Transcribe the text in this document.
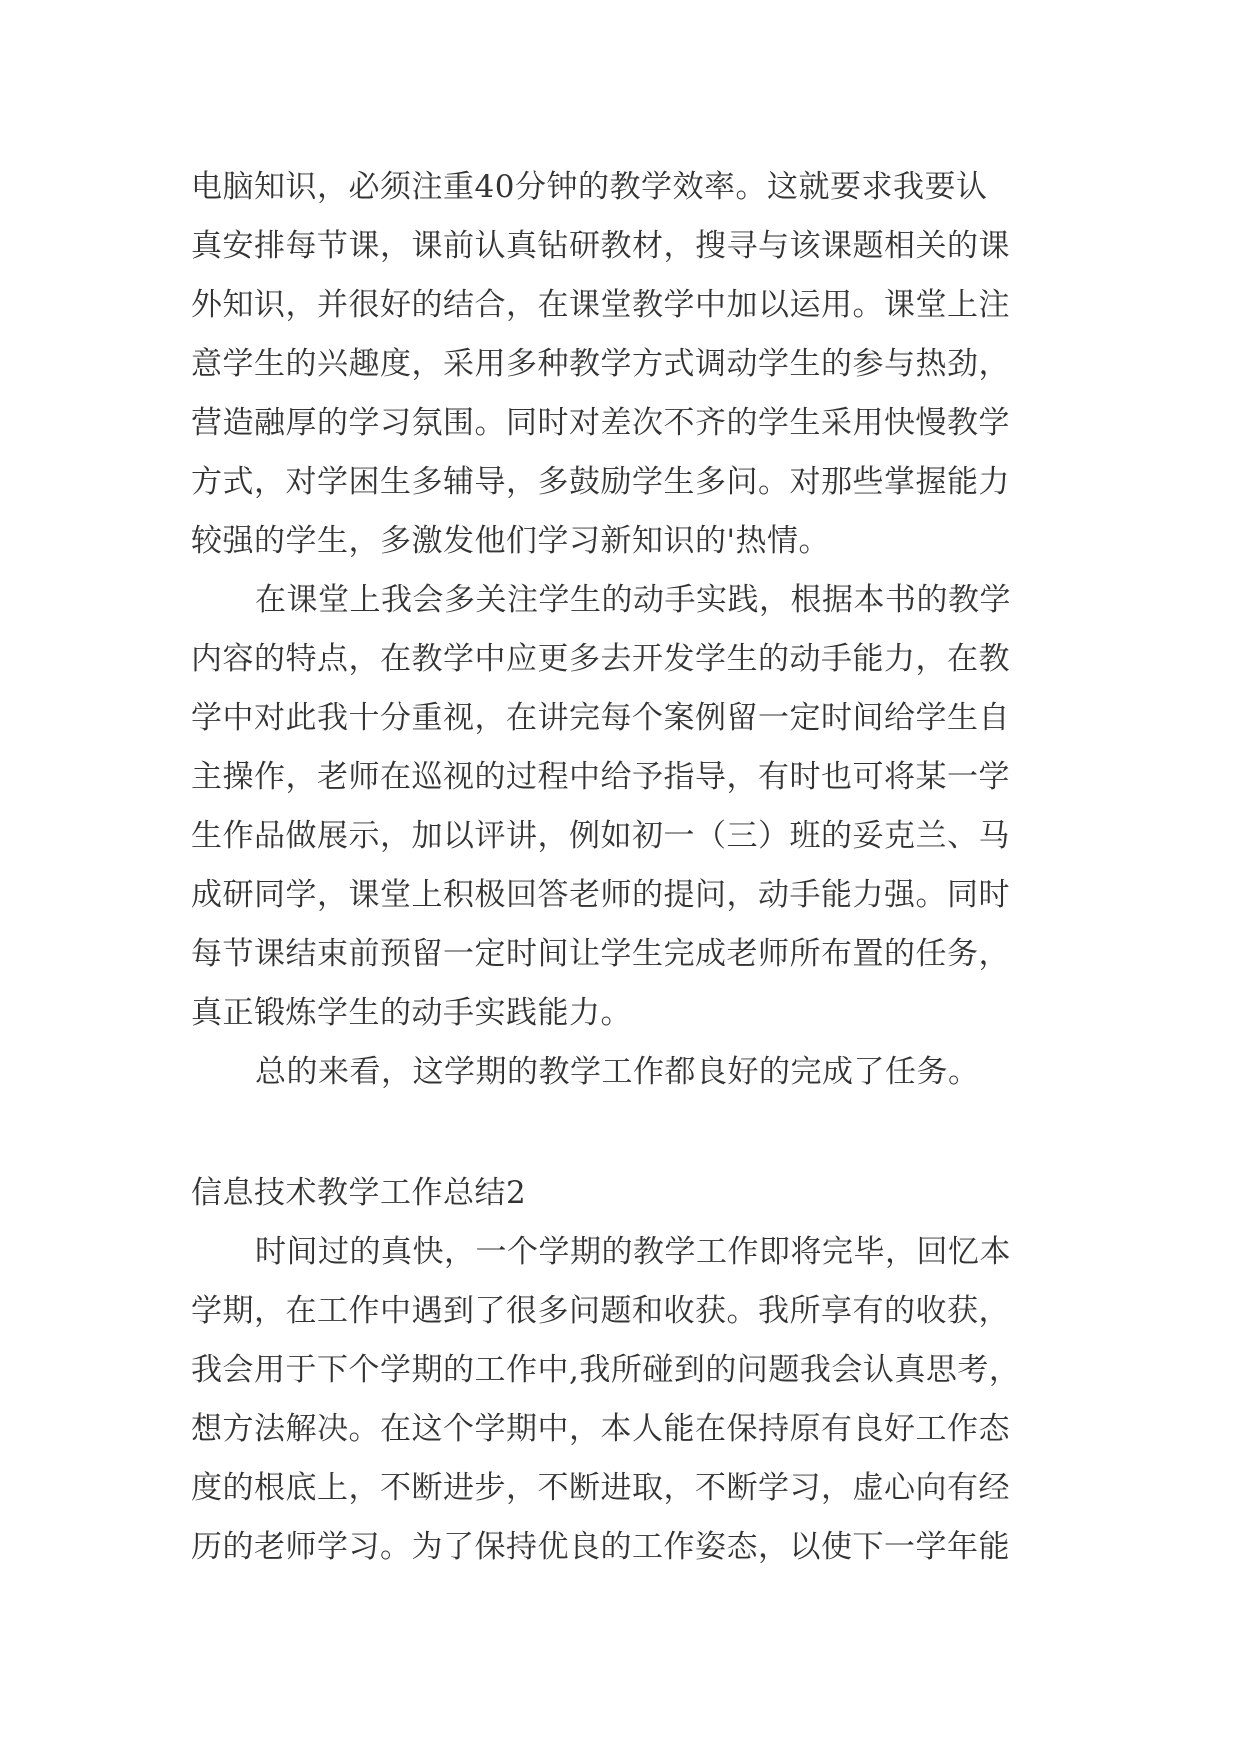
电脑知识，必须注重40分钟的教学效率。这就要求我要认
真安排每节课，课前认真钻研教材，搜寻与该课题相关的课
外知识，并很好的结合，在课堂教学中加以运用。课堂上注
意学生的兴趣度，采用多种教学方式调动学生的参与热劲，
营造融厚的学习氛围。同时对差次不齐的学生采用快慢教学
方式，对学困生多辅导，多鼓励学生多问。对那些掌握能力
较强的学生，多激发他们学习新知识的'热情。
在课堂上我会多关注学生的动手实践，根据本书的教学
内容的特点，在教学中应更多去开发学生的动手能力，在教
学中对此我十分重视，在讲完每个案例留一定时间给学生自
主操作，老师在巡视的过程中给予指导，有时也可将某一学
生作品做展示，加以评讲，例如初一（三）班的妥克兰、马
成研同学，课堂上积极回答老师的提问，动手能力强。同时
每节课结束前预留一定时间让学生完成老师所布置的任务，
真正锻炼学生的动手实践能力。
总的来看，这学期的教学工作都良好的完成了任务。
信息技术教学工作总结2
时间过的真快，一个学期的教学工作即将完毕，回忆本
学期，在工作中遇到了很多问题和收获。我所享有的收获，
我会用于下个学期的工作中,我所碰到的问题我会认真思考，
想方法解决。在这个学期中，本人能在保持原有良好工作态
度的根底上，不断进步，不断进取，不断学习，虚心向有经
历的老师学习。为了保持优良的工作姿态，以使下一学年能
